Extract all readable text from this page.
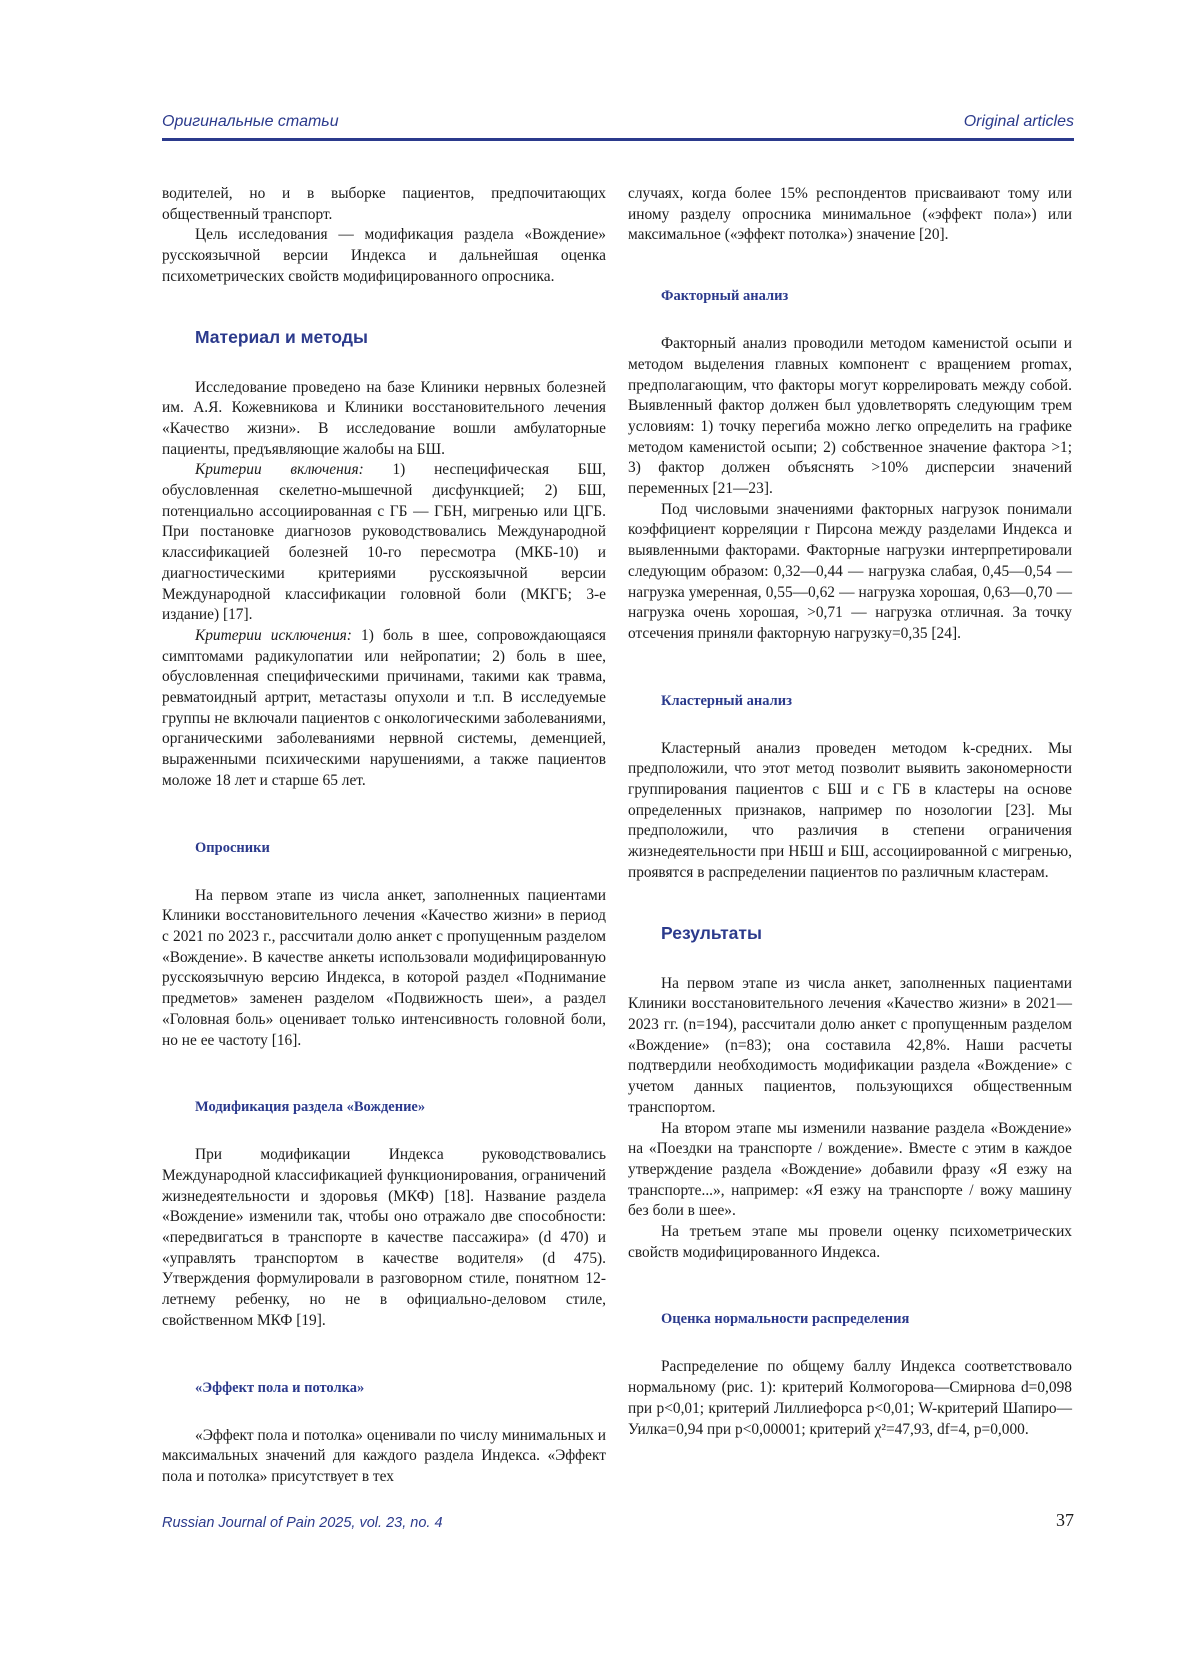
Оригинальные статьи	Original articles

водителей, но и в выборке пациентов, предпочитающих общественный транспорт.

Цель исследования — модификация раздела «Вождение» русскоязычной версии Индекса и дальнейшая оценка психометрических свойств модифицированного опросника.

Материал и методы

Исследование проведено на базе Клиники нервных болезней им. А.Я. Кожевникова и Клиники восстановительного лечения «Качество жизни». В исследование вошли амбулаторные пациенты, предъявляющие жалобы на БШ.

Критерии включения: 1) неспецифическая БШ, обусловленная скелетно-мышечной дисфункцией; 2) БШ, потенциально ассоциированная с ГБ — ГБН, мигренью или ЦГБ. При постановке диагнозов руководствовались Международной классификацией болезней 10-го пересмотра (МКБ-10) и диагностическими критериями русскоязычной версии Международной классификации головной боли (МКГБ; 3-е издание) [17].

Критерии исключения: 1) боль в шее, сопровождающаяся симптомами радикулопатии или нейропатии; 2) боль в шее, обусловленная специфическими причинами, такими как травма, ревматоидный артрит, метастазы опухоли и т.п. В исследуемые группы не включали пациентов с онкологическими заболеваниями, органическими заболеваниями нервной системы, деменцией, выраженными психическими нарушениями, а также пациентов моложе 18 лет и старше 65 лет.

Опросники

На первом этапе из числа анкет, заполненных пациентами Клиники восстановительного лечения «Качество жизни» в период с 2021 по 2023 г., рассчитали долю анкет с пропущенным разделом «Вождение». В качестве анкеты использовали модифицированную русскоязычную версию Индекса, в которой раздел «Поднимание предметов» заменен разделом «Подвижность шеи», а раздел «Головная боль» оценивает только интенсивность головной боли, но не ее частоту [16].

Модификация раздела «Вождение»

При модификации Индекса руководствовались Международной классификацией функционирования, ограничений жизнедеятельности и здоровья (МКФ) [18]. Название раздела «Вождение» изменили так, чтобы оно отражало две способности: «передвигаться в транспорте в качестве пассажира» (d 470) и «управлять транспортом в качестве водителя» (d 475). Утверждения формулировали в разговорном стиле, понятном 12-летнему ребенку, но не в официально-деловом стиле, свойственном МКФ [19].

«Эффект пола и потолка»

«Эффект пола и потолка» оценивали по числу минимальных и максимальных значений для каждого раздела Индекса. «Эффект пола и потолка» присутствует в тех

случаях, когда более 15% респондентов присваивают тому или иному разделу опросника минимальное («эффект пола») или максимальное («эффект потолка») значение [20].

Факторный анализ

Факторный анализ проводили методом каменистой осыпи и методом выделения главных компонент с вращением promax, предполагающим, что факторы могут коррелировать между собой. Выявленный фактор должен был удовлетворять следующим трем условиям: 1) точку перегиба можно легко определить на графике методом каменистой осыпи; 2) собственное значение фактора >1; 3) фактор должен объяснять >10% дисперсии значений переменных [21—23].

Под числовыми значениями факторных нагрузок понимали коэффициент корреляции r Пирсона между разделами Индекса и выявленными факторами. Факторные нагрузки интерпретировали следующим образом: 0,32—0,44 — нагрузка слабая, 0,45—0,54 — нагрузка умеренная, 0,55—0,62 — нагрузка хорошая, 0,63—0,70 — нагрузка очень хорошая, >0,71 — нагрузка отличная. За точку отсечения приняли факторную нагрузку=0,35 [24].

Кластерный анализ

Кластерный анализ проведен методом k-средних. Мы предположили, что этот метод позволит выявить закономерности группирования пациентов с БШ и с ГБ в кластеры на основе определенных признаков, например по нозологии [23]. Мы предположили, что различия в степени ограничения жизнедеятельности при НБШ и БШ, ассоциированной с мигренью, проявятся в распределении пациентов по различным кластерам.

Результаты

На первом этапе из числа анкет, заполненных пациентами Клиники восстановительного лечения «Качество жизни» в 2021—2023 гг. (n=194), рассчитали долю анкет с пропущенным разделом «Вождение» (n=83); она составила 42,8%. Наши расчеты подтвердили необходимость модификации раздела «Вождение» с учетом данных пациентов, пользующихся общественным транспортом.

На втором этапе мы изменили название раздела «Вождение» на «Поездки на транспорте / вождение». Вместе с этим в каждое утверждение раздела «Вождение» добавили фразу «Я езжу на транспорте...», например: «Я езжу на транспорте / вожу машину без боли в шее».

На третьем этапе мы провели оценку психометрических свойств модифицированного Индекса.

Оценка нормальности распределения

Распределение по общему баллу Индекса соответствовало нормальному (рис. 1): критерий Колмогорова—Смирнова d=0,098 при p<0,01; критерий Лиллиефорса p<0,01; W-критерий Шапиро—Уилка=0,94 при p<0,00001; критерий χ²=47,93, df=4, p=0,000.

Russian Journal of Pain 2025, vol. 23, no. 4	37
